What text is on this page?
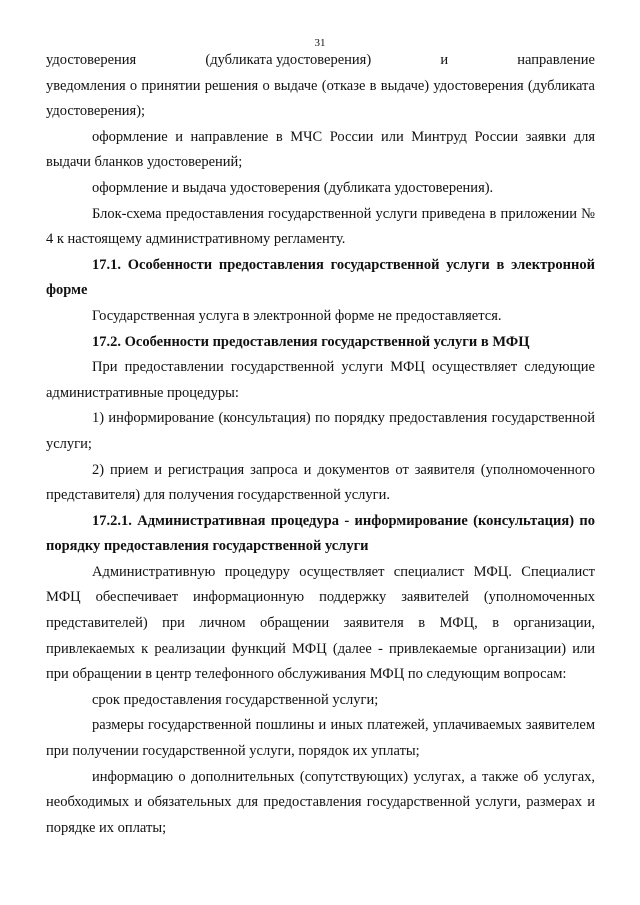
31

удостоверения	(дубликата удостоверения)	и	направление

уведомления о принятии решения о выдаче (отказе в выдаче) удостоверения (дубликата удостоверения);

оформление и направление в МЧС России или Минтруд России заявки для выдачи бланков удостоверений;

оформление и выдача удостоверения (дубликата удостоверения).

Блок-схема предоставления государственной услуги приведена в приложении № 4 к настоящему административному регламенту.

17.1. Особенности предоставления государственной услуги в электронной форме

Государственная услуга в электронной форме не предоставляется.

17.2. Особенности предоставления государственной услуги в МФЦ

При предоставлении государственной услуги МФЦ осуществляет следующие административные процедуры:

1) информирование (консультация) по порядку предоставления государственной услуги;

2) прием и регистрация запроса и документов от заявителя (уполномоченного представителя) для получения государственной услуги.

17.2.1. Административная процедура - информирование (консультация) по порядку предоставления государственной услуги

Административную процедуру осуществляет специалист МФЦ. Специалист МФЦ обеспечивает информационную поддержку заявителей (уполномоченных представителей) при личном обращении заявителя в МФЦ, в организации, привлекаемых к реализации функций МФЦ (далее - привлекаемые организации) или при обращении в центр телефонного обслуживания МФЦ по следующим вопросам:

срок предоставления государственной услуги;

размеры государственной пошлины и иных платежей, уплачиваемых заявителем при получении государственной услуги, порядок их уплаты;

информацию о дополнительных (сопутствующих) услугах, а также об услугах, необходимых и обязательных для предоставления государственной услуги, размерах и порядке их оплаты;
